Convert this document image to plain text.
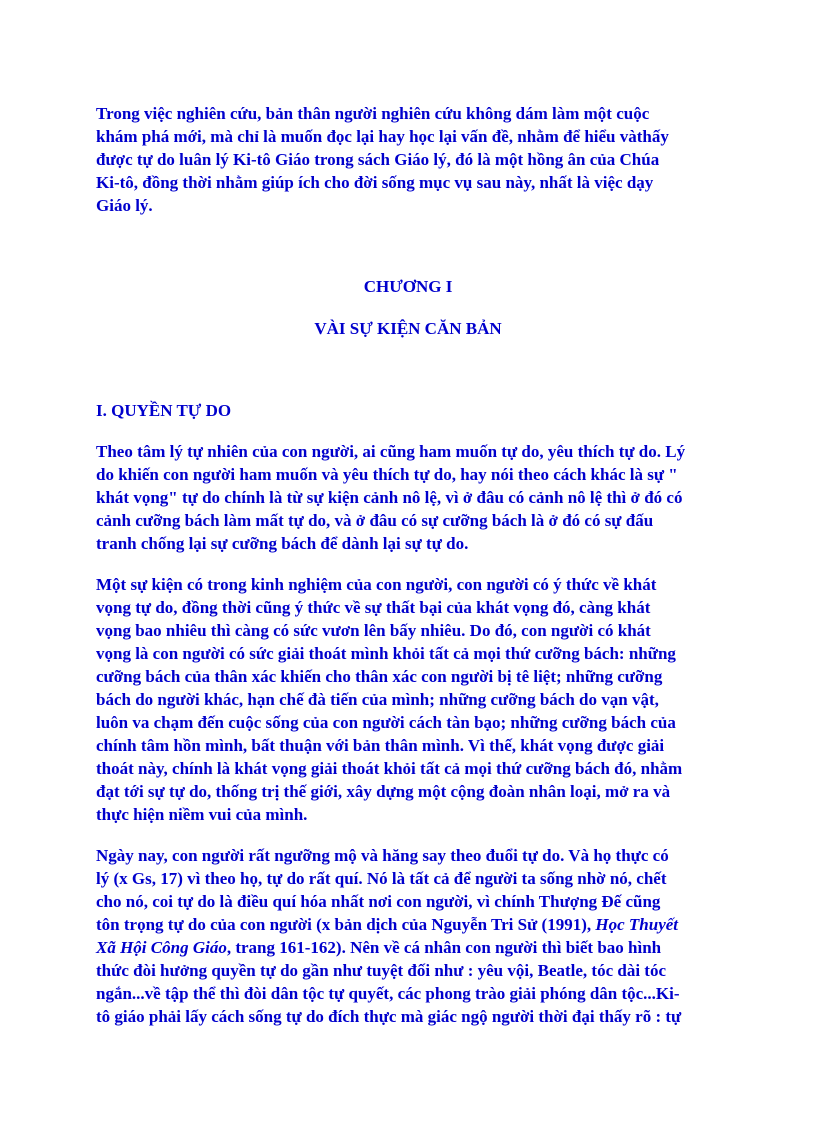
Trong việc nghiên cứu, bản thân người nghiên cứu không dám làm một cuộc
khám phá mới, mà chỉ là muốn đọc lại hay học lại vấn đề, nhằm để hiểu vàthấy
được tự do luân lý Ki-tô Giáo trong sách Giáo lý, đó là một hồng ân của Chúa
Ki-tô, đồng thời nhằm giúp ích cho đời sống mục vụ sau này, nhất là việc dạy
Giáo lý.
CHƯƠNG I
VÀI SỰ KIỆN CĂN BẢN
I. QUYỀN TỰ DO
Theo tâm lý tự nhiên của con người, ai cũng ham muốn tự do, yêu thích tự do. Lý
do khiến con người ham muốn và yêu thích tự do, hay nói theo cách khác là sự "
khát vọng" tự do chính là từ sự kiện cảnh nô lệ, vì ở đâu có cảnh nô lệ thì ở đó có
cảnh cưỡng bách làm mất tự do, và ở đâu có sự cưỡng bách là ở đó có sự đấu
tranh chống lại sự cưỡng bách để dành lại sự tự do.
Một sự kiện có trong kinh nghiệm của con người, con người có ý thức về khát
vọng tự do, đồng thời cũng ý thức về sự thất bại của khát vọng đó, càng khát
vọng bao nhiêu thì càng có sức vươn lên bấy nhiêu. Do đó, con người có khát
vọng là con người có sức giải thoát mình khỏi tất cả mọi thứ cưỡng bách: những
cưỡng bách của thân xác khiến cho thân xác con người bị tê liệt; những cưỡng
bách do người khác, hạn chế đà tiến của mình; những cưỡng bách do vạn vật,
luôn va chạm đến cuộc sống của con người cách tàn bạo; những cưỡng bách của
chính tâm hồn mình, bất thuận với bản thân mình. Vì thế, khát vọng được giải
thoát này, chính là khát vọng giải thoát khỏi tất cả mọi thứ cưỡng bách đó, nhằm
đạt tới sự tự do, thống trị thế giới, xây dựng một cộng đoàn nhân loại, mở ra và
thực hiện niềm vui của mình.
Ngày nay, con người rất ngưỡng mộ và hăng say theo đuổi tự do. Và họ thực có
lý (x Gs, 17) vì theo họ, tự do rất quí. Nó là tất cả để người ta sống nhờ nó, chết
cho nó, coi tự do là điều quí hóa nhất nơi con người, vì chính Thượng Đế cũng
tôn trọng tự do của con người (x bản dịch của Nguyễn Tri Sử (1991), Học Thuyết
Xã Hội Công Giáo, trang 161-162). Nên về cá nhân con người thì biết bao hình
thức đòi hưởng quyền tự do gần như tuyệt đối như : yêu vội, Beatle, tóc dài tóc
ngắn...về tập thể thì đòi dân tộc tự quyết, các phong trào giải phóng dân tộc...Ki-
tô giáo phải lấy cách sống tự do đích thực mà giác ngộ người thời đại thấy rõ : tự
